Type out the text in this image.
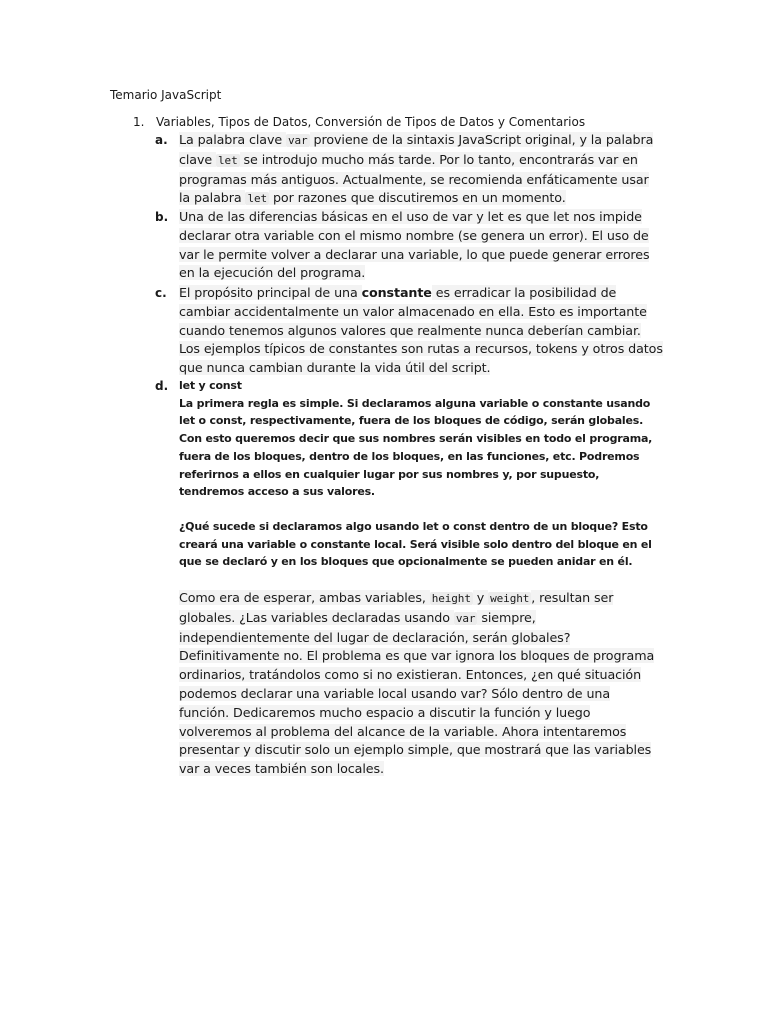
Temario JavaScript
1. Variables, Tipos de Datos, Conversión de Tipos de Datos y Comentarios
a. La palabra clave var proviene de la sintaxis JavaScript original, y la palabra clave let se introdujo mucho más tarde. Por lo tanto, encontrarás var en programas más antiguos. Actualmente, se recomienda enfáticamente usar la palabra let por razones que discutiremos en un momento.
b. Una de las diferencias básicas en el uso de var y let es que let nos impide declarar otra variable con el mismo nombre (se genera un error). El uso de var le permite volver a declarar una variable, lo que puede generar errores en la ejecución del programa.
c. El propósito principal de una constante es erradicar la posibilidad de cambiar accidentalmente un valor almacenado en ella. Esto es importante cuando tenemos algunos valores que realmente nunca deberían cambiar. Los ejemplos típicos de constantes son rutas a recursos, tokens y otros datos que nunca cambian durante la vida útil del script.
d. let y const
La primera regla es simple. Si declaramos alguna variable o constante usando let o const, respectivamente, fuera de los bloques de código, serán globales. Con esto queremos decir que sus nombres serán visibles en todo el programa, fuera de los bloques, dentro de los bloques, en las funciones, etc. Podremos referirnos a ellos en cualquier lugar por sus nombres y, por supuesto, tendremos acceso a sus valores.
¿Qué sucede si declaramos algo usando let o const dentro de un bloque? Esto creará una variable o constante local. Será visible solo dentro del bloque en el que se declaró y en los bloques que opcionalmente se pueden anidar en él.
Como era de esperar, ambas variables, height y weight , resultan ser globales. ¿Las variables declaradas usando var siempre, independientemente del lugar de declaración, serán globales? Definitivamente no. El problema es que var ignora los bloques de programa ordinarios, tratándolos como si no existieran. Entonces, ¿en qué situación podemos declarar una variable local usando var? Sólo dentro de una función. Dedicaremos mucho espacio a discutir la función y luego volveremos al problema del alcance de la variable. Ahora intentaremos presentar y discutir solo un ejemplo simple, que mostrará que las variables var a veces también son locales.
